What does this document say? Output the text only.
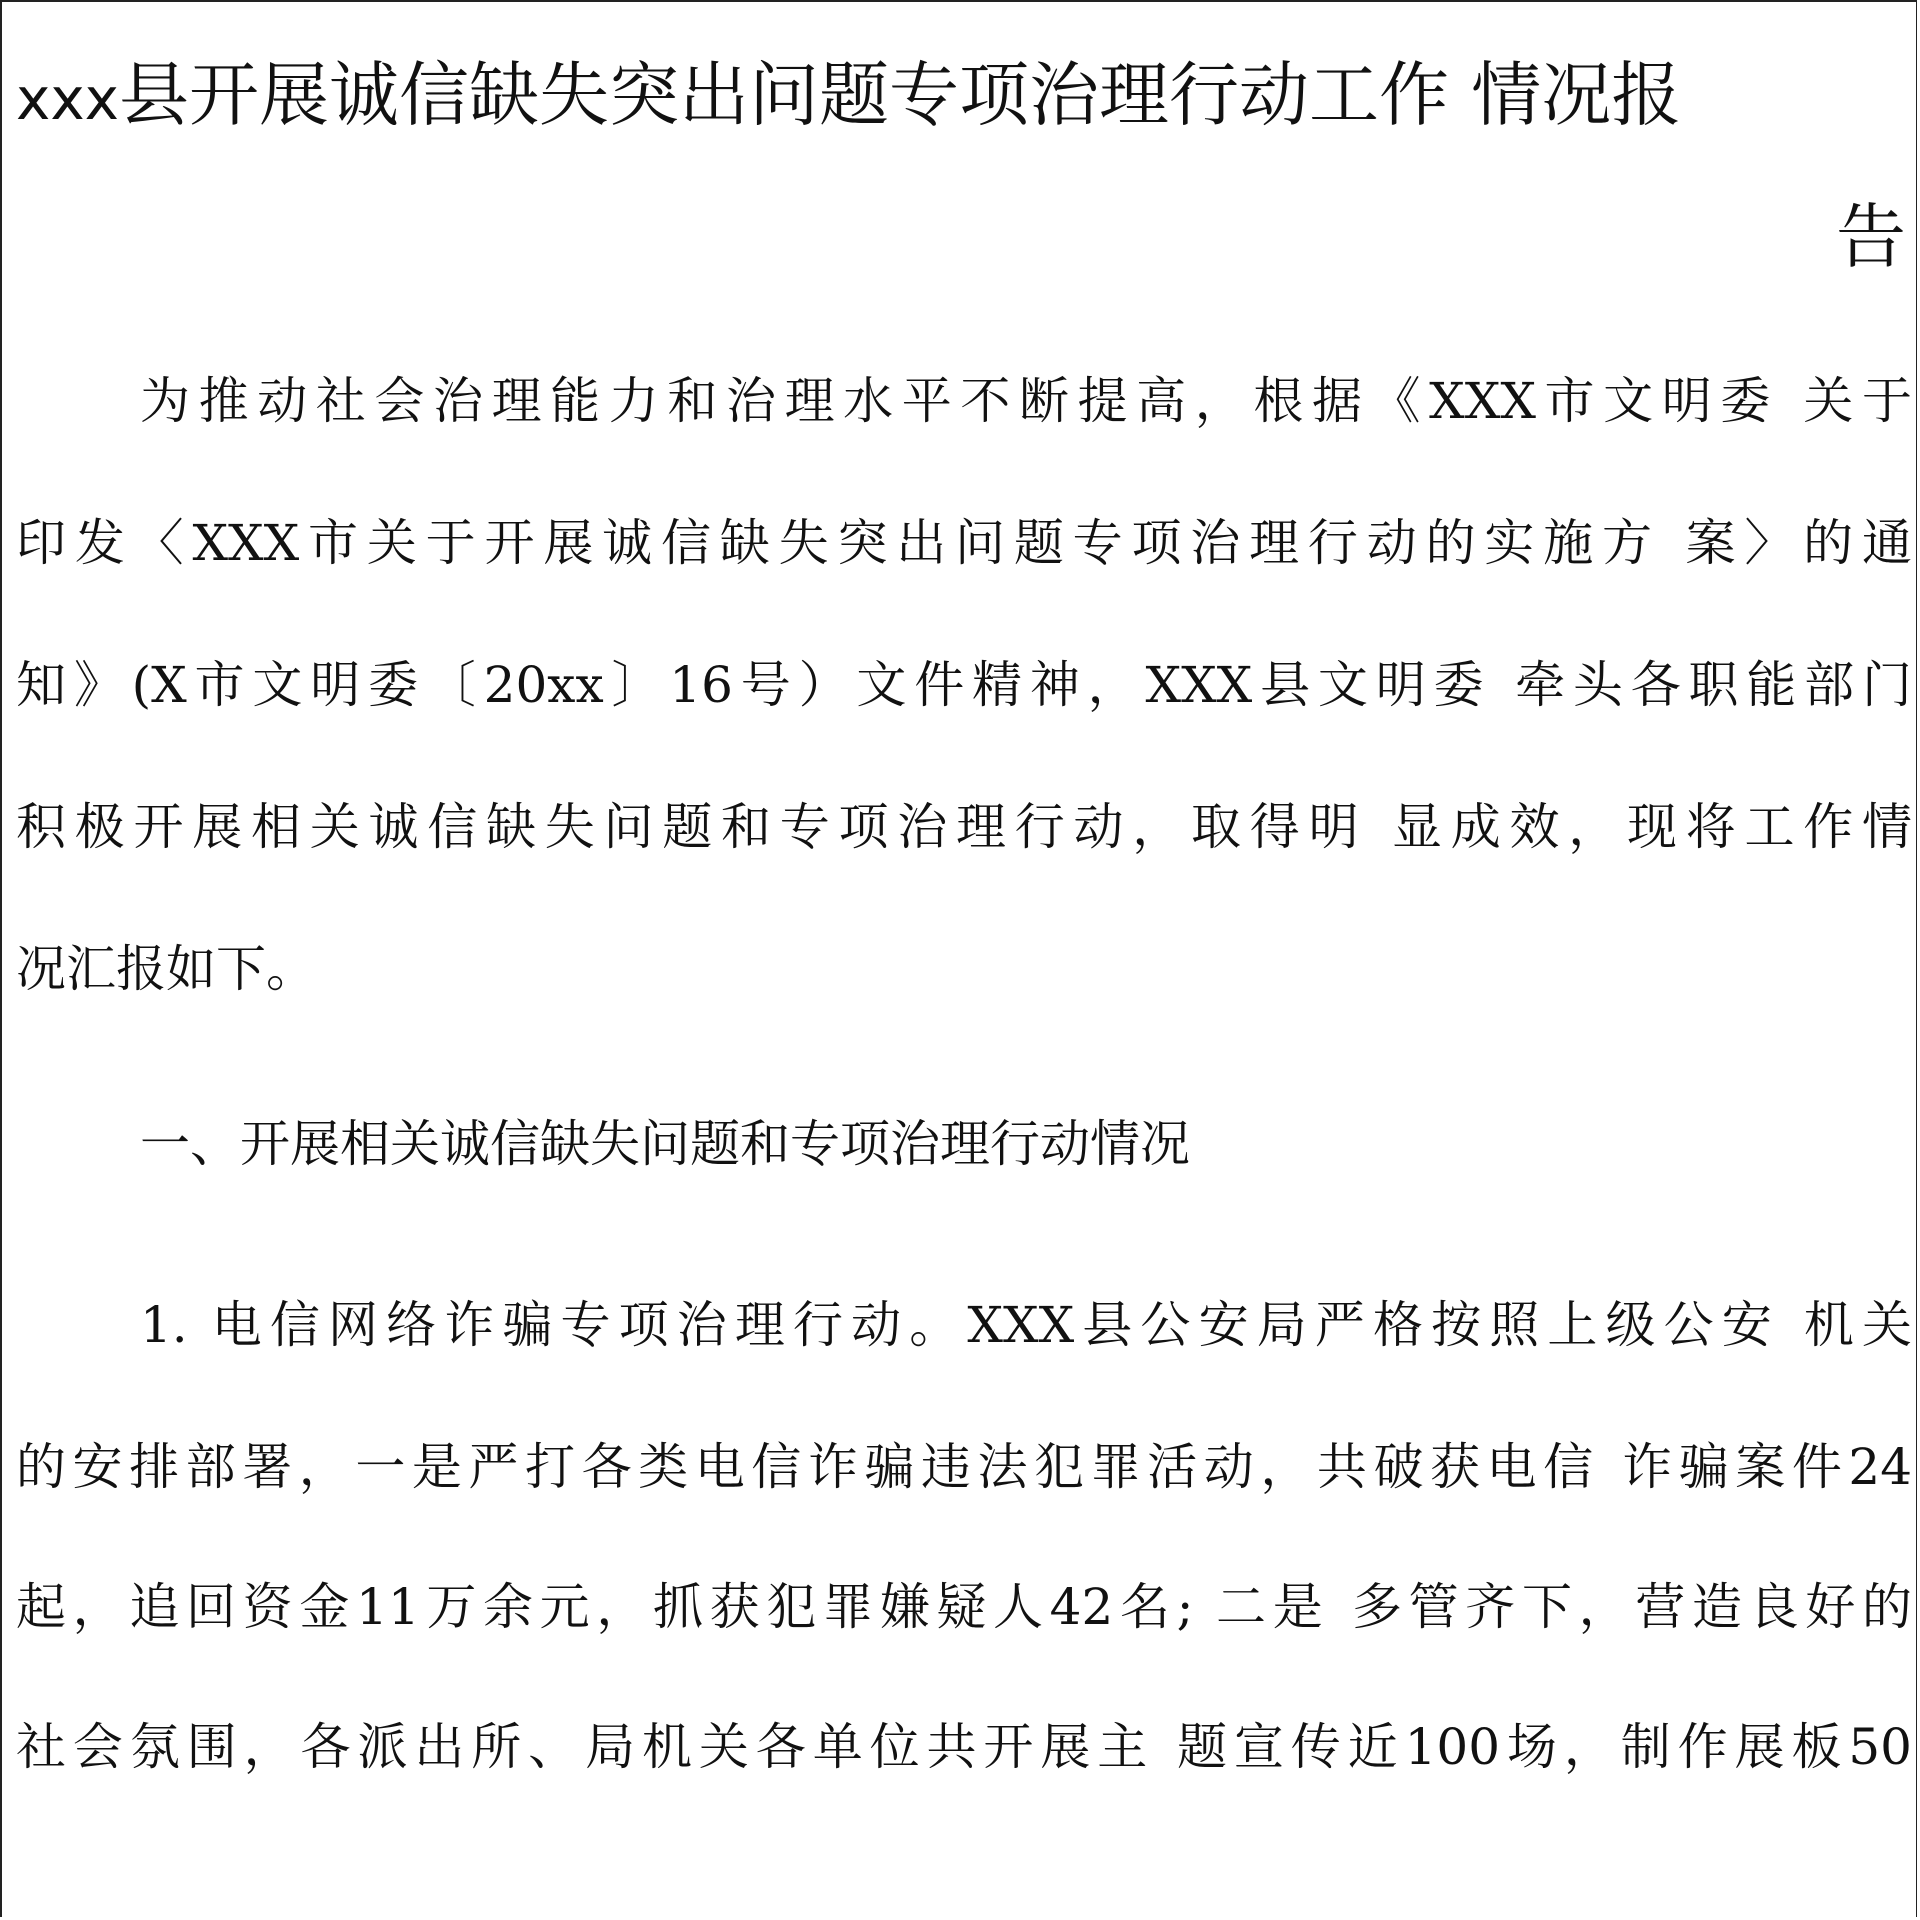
xxx县开展诚信缺失突出问题专项治理行动工作 情况报
告
为推动社会治理能力和治理水平不断提高，根据《XXX市文明委 关于
印发〈XXX市关于开展诚信缺失突出问题专项治理行动的实施方 案〉的通
知》(X市文明委〔20xx〕16号）文件精神，XXX县文明委 牵头各职能部门
积极开展相关诚信缺失问题和专项治理行动，取得明 显成效，现将工作情
况汇报如下。
一、开展相关诚信缺失问题和专项治理行动情况
1. 电信网络诈骗专项治理行动。XXX县公安局严格按照上级公安 机关
的安排部署，一是严打各类电信诈骗违法犯罪活动，共破获电信 诈骗案件24
起，追回资金11万余元，抓获犯罪嫌疑人42名; 二是 多管齐下，营造良好的
社会氛围，各派出所、局机关各单位共开展主 题宣传近100场，制作展板50
